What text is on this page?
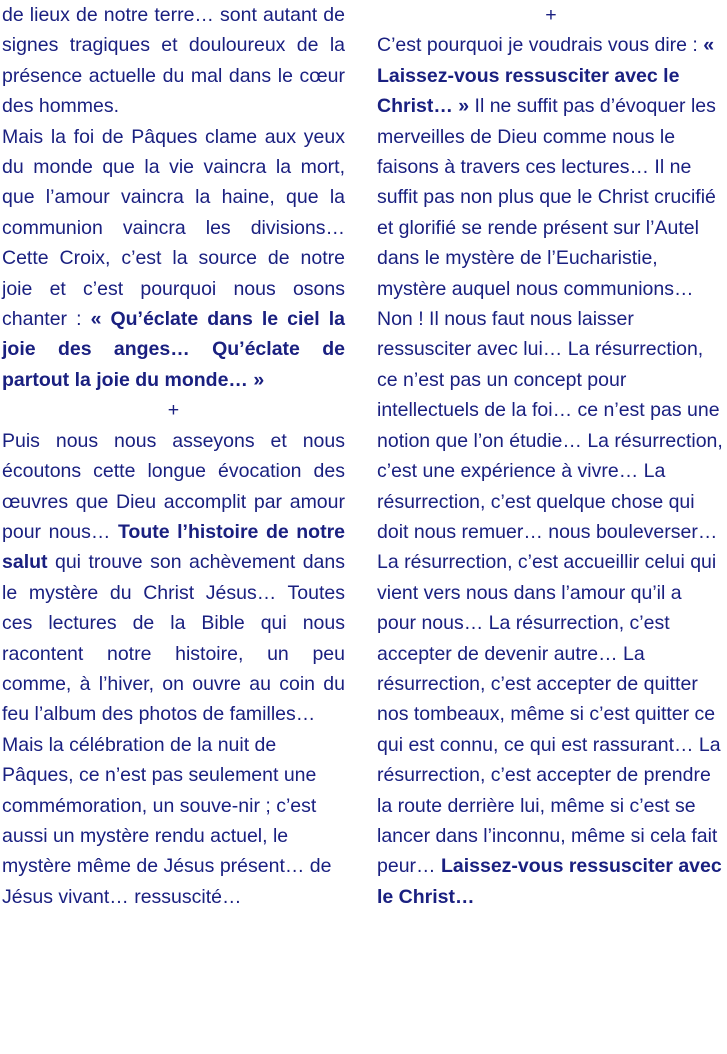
de lieux de notre terre… sont autant de signes tragiques et douloureux de la présence actuelle du mal dans le cœur des hommes.

Mais la foi de Pâques clame aux yeux du monde que la vie vaincra la mort, que l’amour vaincra la haine, que la communion vaincra les divisions… Cette Croix, c’est la source de notre joie et c’est pourquoi nous osons chanter : « Qu’éclate dans le ciel la joie des anges… Qu’éclate de partout la joie du monde… »

+

Puis nous nous asseyons et nous écoutons cette longue évocation des œuvres que Dieu accomplit par amour pour nous… Toute l’histoire de notre salut qui trouve son achèvement dans le mystère du Christ Jésus… Toutes ces lectures de la Bible qui nous racontent notre histoire, un peu comme, à l’hiver, on ouvre au coin du feu l’album des photos de familles…

Mais la célébration de la nuit de Pâques, ce n’est pas seulement une commémoration, un souve-nir ; c’est aussi un mystère rendu actuel, le mystère même de Jésus présent… de Jésus vivant… ressuscité…

+

C’est pourquoi je voudrais vous dire : « Laissez-vous ressusciter avec le Christ… » Il ne suffit pas d’évoquer les merveilles de Dieu comme nous le faisons à travers ces lectures… Il ne suffit pas non plus que le Christ crucifié et glorifié se rende présent sur l’Autel dans le mystère de l’Eucharistie, mystère auquel nous communions… Non ! Il nous faut nous laisser ressusciter avec lui… La résurrection, ce n’est pas un concept pour intellectuels de la foi… ce n’est pas une notion que l’on étudie… La résurrection, c’est une expérience à vivre… La résurrection, c’est quelque chose qui doit nous remuer… nous bouleverser… La résurrection, c’est accueillir celui qui vient vers nous dans l’amour qu’il a pour nous… La résurrection, c’est accepter de devenir autre… La résurrection, c’est accepter de quitter nos tombeaux, même si c’est quitter ce qui est connu, ce qui est rassurant… La résurrection, c’est accepter de prendre la route derrière lui, même si c’est se lancer dans l’inconnu, même si cela fait peur… Laissez-vous ressusciter avec le Christ…
